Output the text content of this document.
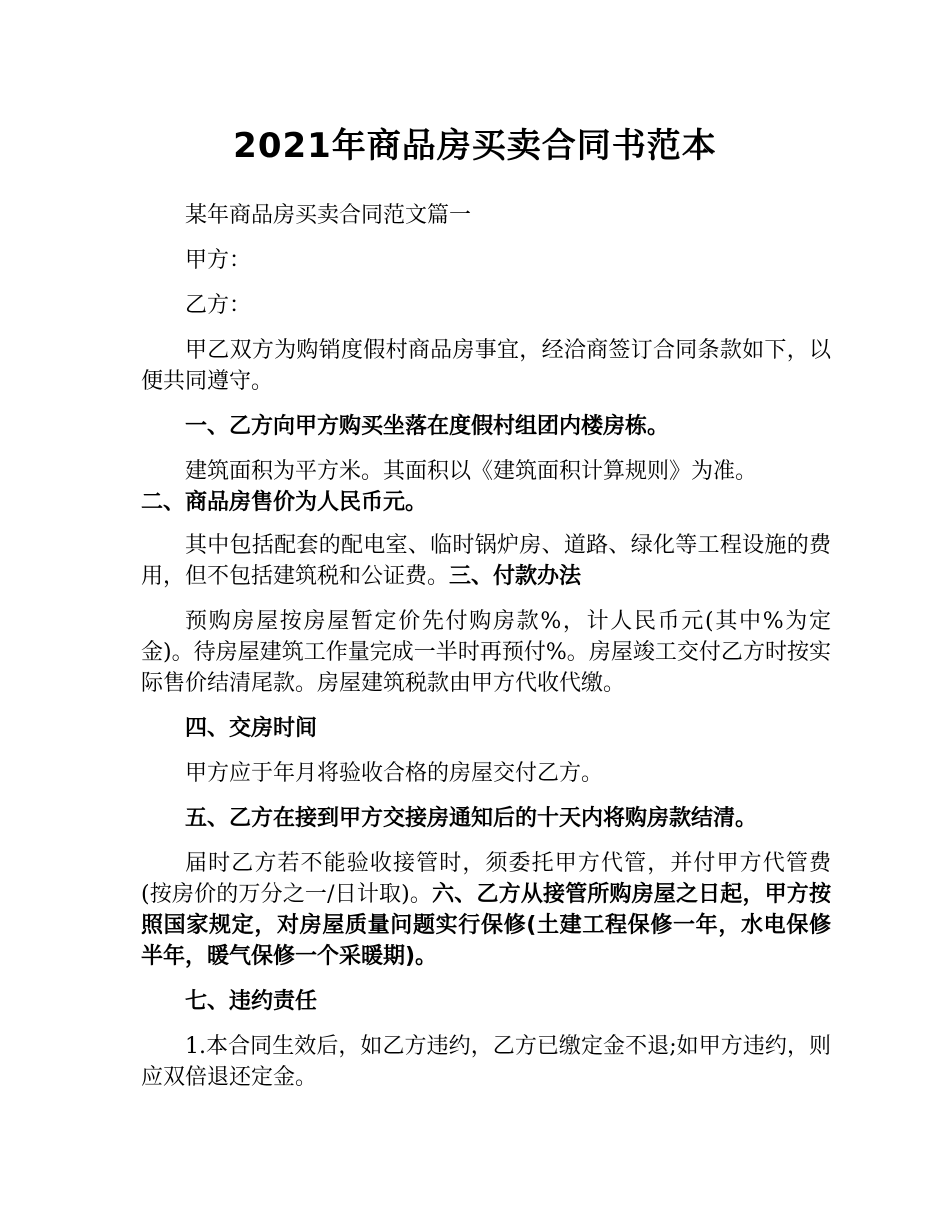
2021年商品房买卖合同书范本

某年商品房买卖合同范文篇一

甲方：

乙方：

甲乙双方为购销度假村商品房事宜，经洽商签订合同条款如下，以便共同遵守。

一、乙方向甲方购买坐落在度假村组团内楼房栋。

建筑面积为平方米。其面积以《建筑面积计算规则》为准。
二、商品房售价为人民币元。

其中包括配套的配电室、临时锅炉房、道路、绿化等工程设施的费用，但不包括建筑税和公证费。三、付款办法

预购房屋按房屋暂定价先付购房款%，计人民币元(其中%为定金)。待房屋建筑工作量完成一半时再预付%。房屋竣工交付乙方时按实际售价结清尾款。房屋建筑税款由甲方代收代缴。

四、交房时间

甲方应于年月将验收合格的房屋交付乙方。

五、乙方在接到甲方交接房通知后的十天内将购房款结清。

届时乙方若不能验收接管时，须委托甲方代管，并付甲方代管费(按房价的万分之一/日计取)。六、乙方从接管所购房屋之日起，甲方按照国家规定，对房屋质量问题实行保修(土建工程保修一年，水电保修半年，暖气保修一个采暖期)。

七、违约责任

1.本合同生效后，如乙方违约，乙方已缴定金不退;如甲方违约，则应双倍退还定金。
